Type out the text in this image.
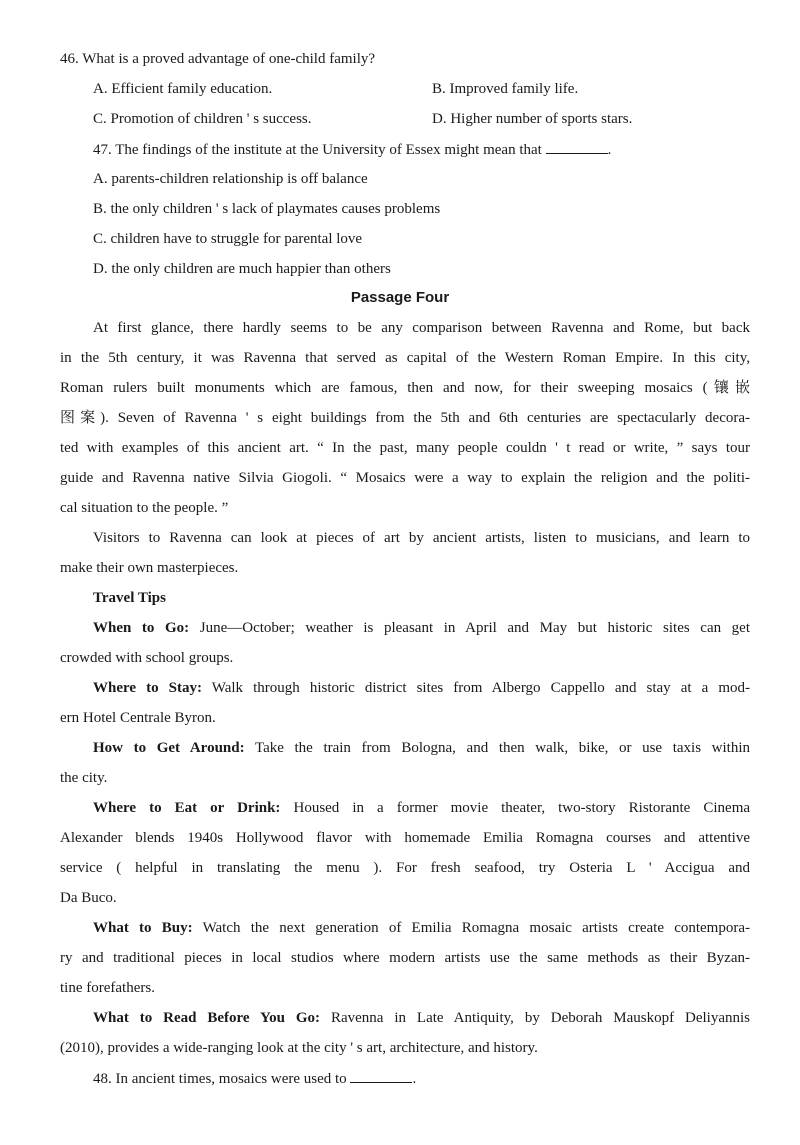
46. What is a proved advantage of one-child family?
A. Efficient family education.	B. Improved family life.
C. Promotion of children ' s success.	D. Higher number of sports stars.
47. The findings of the institute at the University of Essex might mean that	.
A. parents-children relationship is off balance
B. the only children ' s lack of playmates causes problems
C. children have to struggle for parental love
D. the only children are much happier than others
Passage Four
At first glance, there hardly seems to be any comparison between Ravenna and Rome, but back
in the 5th century, it was Ravenna that served as capital of the Western Roman Empire. In this city,
Roman rulers built monuments which are famous, then and now, for their sweeping mosaics (镶嵌
图案). Seven of Ravenna ' s eight buildings from the 5th and 6th centuries are spectacularly decora-
ted with examples of this ancient art. “ In the past, many people couldn ' t read or write, ” says tour
guide and Ravenna native Silvia Giogoli. “ Mosaics were a way to explain the religion and the politi-
cal situation to the people. ”
Visitors to Ravenna can look at pieces of art by ancient artists, listen to musicians, and learn to
make their own masterpieces.
Travel Tips
When to Go: June—October; weather is pleasant in April and May but historic sites can get
crowded with school groups.
Where to Stay: Walk through historic district sites from Albergo Cappello and stay at a mod-
ern Hotel Centrale Byron.
How to Get Around: Take the train from Bologna, and then walk, bike, or use taxis within
the city.
Where to Eat or Drink: Housed in a former movie theater, two-story Ristorante Cinema
Alexander blends 1940s Hollywood flavor with homemade Emilia Romagna courses and attentive
service ( helpful in translating the menu ). For fresh seafood, try Osteria L ' Accigua and
Da Buco.
What to Buy: Watch the next generation of Emilia Romagna mosaic artists create contempora-
ry and traditional pieces in local studios where modern artists use the same methods as their Byzan-
tine forefathers.
What to Read Before You Go: Ravenna in Late Antiquity, by Deborah Mauskopf Deliyannis
(2010), provides a wide-ranging look at the city ' s art, architecture, and history.
48. In ancient times, mosaics were used to	.
